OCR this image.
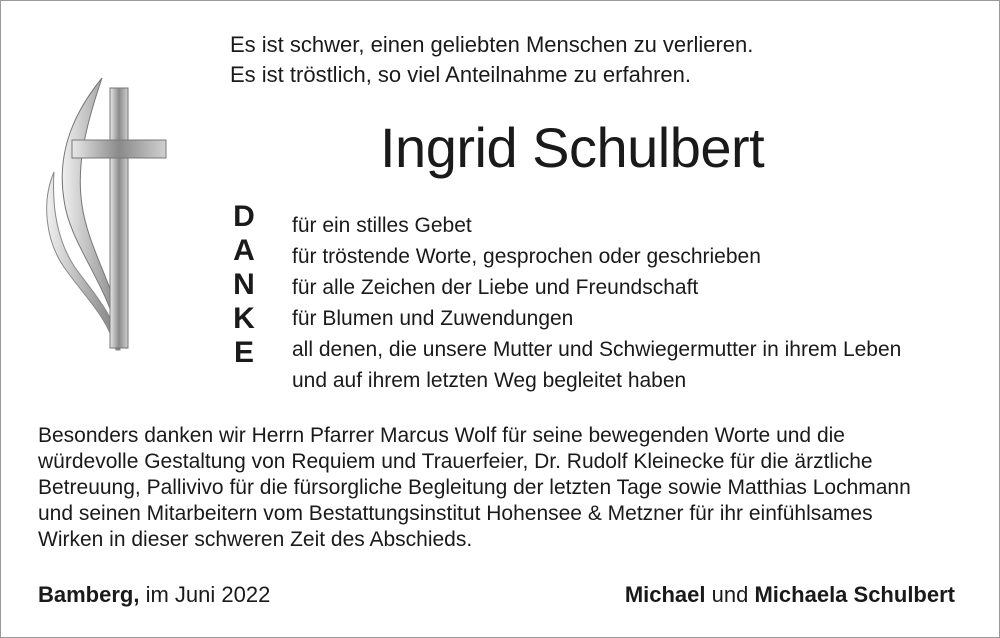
Es ist schwer, einen geliebten Menschen zu verlieren.
Es ist tröstlich, so viel Anteilnahme zu erfahren.
Ingrid Schulbert
D
A
N
K
E
für ein stilles Gebet
für tröstende Worte, gesprochen oder geschrieben
für alle Zeichen der Liebe und Freundschaft
für Blumen und Zuwendungen
all denen, die unsere Mutter und Schwiegermutter in ihrem Leben
und auf ihrem letzten Weg begleitet haben
Besonders danken wir Herrn Pfarrer Marcus Wolf für seine bewegenden Worte und die
würdevolle Gestaltung von Requiem und Trauerfeier, Dr. Rudolf Kleinecke für die ärztliche
Betreuung, Pallivivo für die fürsorgliche Begleitung der letzten Tage sowie Matthias Lochmann
und seinen Mitarbeitern vom Bestattungsinstitut Hohensee & Metzner für ihr einfühlsames
Wirken in dieser schweren Zeit des Abschieds.
Bamberg, im Juni 2022	Michael und Michaela Schulbert
